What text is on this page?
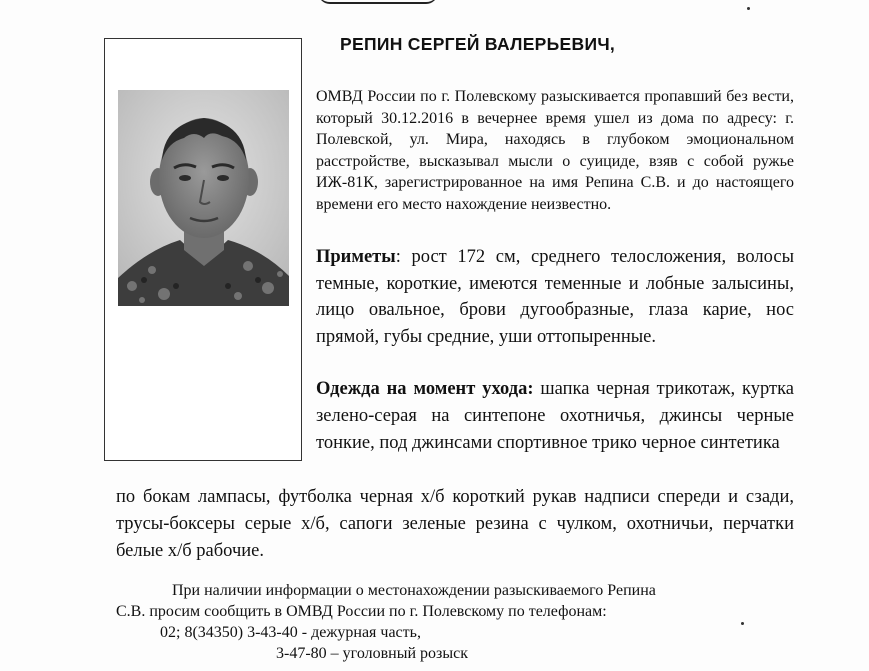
РЕПИН СЕРГЕЙ ВАЛЕРЬЕВИЧ,

ОМВД России по г. Полевскому разыскивается пропавший без вести, который 30.12.2016 в вечернее время ушел из дома по адресу: г. Полевской, ул. Мира, находясь в глубоком эмоциональном расстройстве, высказывал мысли о суициде, взяв с собой ружье ИЖ-81К, зарегистрированное на имя Репина С.В. и до настоящего времени его место нахождение неизвестно.

Приметы: рост 172 см, среднего телосложения, волосы темные, короткие, имеются теменные и лобные залысины, лицо овальное, брови дугообразные, глаза карие, нос прямой, губы средние, уши оттопыренные.
Одежда на момент ухода: шапка черная трикотаж, куртка зелено-серая на синтепоне охотничья, джинсы черные тонкие, под джинсами спортивное трико черное синтетика
по бокам лампасы, футболка черная х/б короткий рукав надписи спереди и сзади, трусы-боксеры серые х/б, сапоги зеленые резина с чулком, охотничьи, перчатки белые х/б рабочие.
При наличии информации о местонахождении разыскиваемого Репина
С.В. просим сообщить в ОМВД России по г. Полевскому по телефонам:
02; 8(34350) 3-43-40 - дежурная часть,
3-47-80 – уголовный розыск
